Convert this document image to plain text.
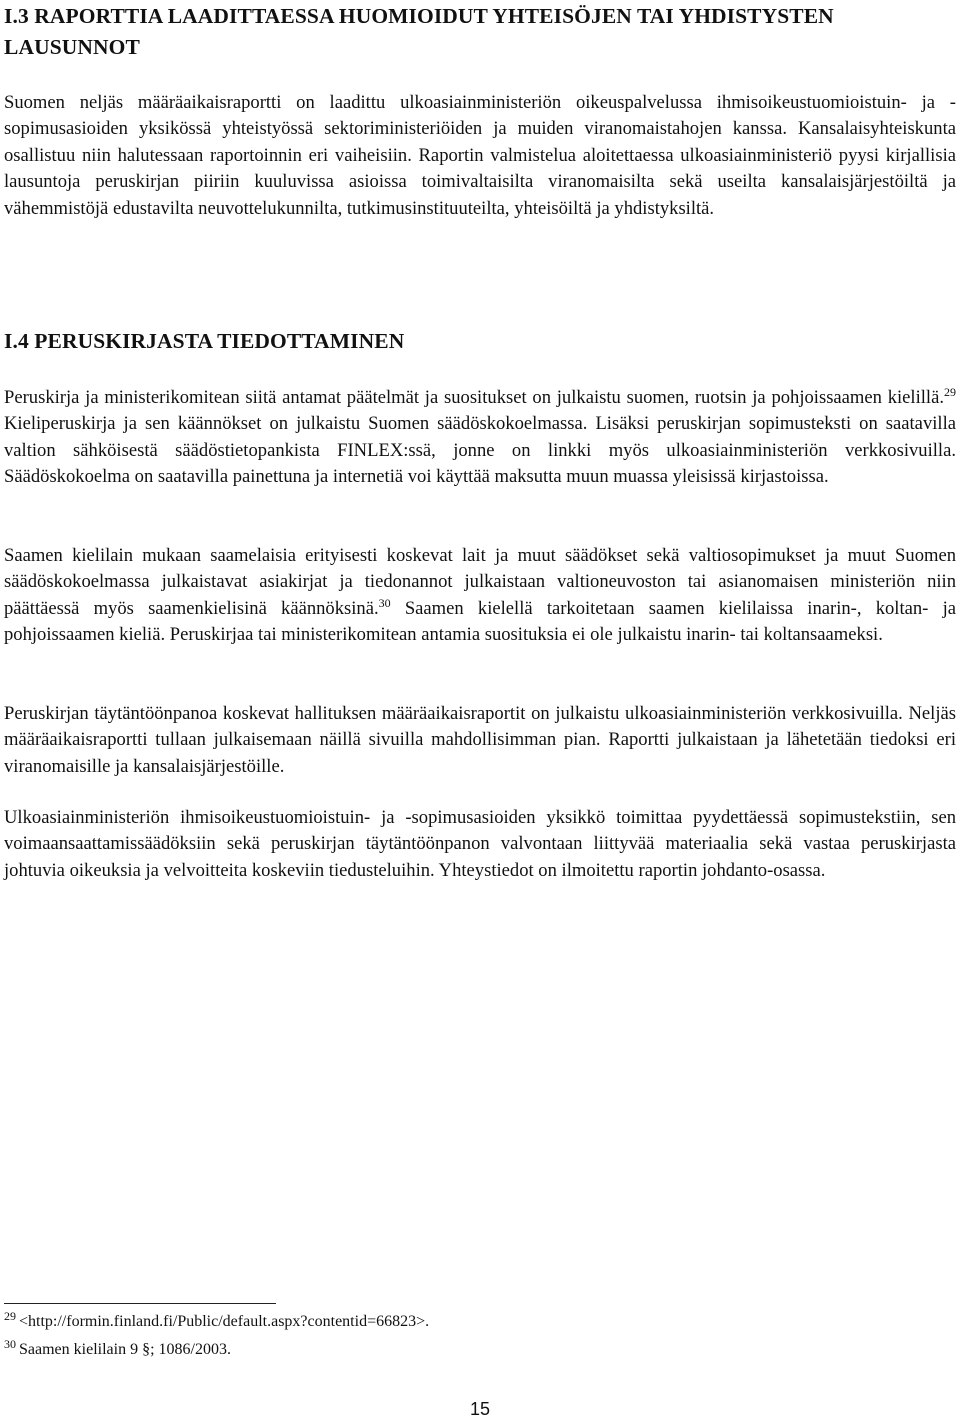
I.3 RAPORTTIA LAADITTAESSA HUOMIOIDUT YHTEISÖJEN TAI YHDISTYSTEN LAUSUNNOT

Suomen neljäs määräaikaisraportti on laadittu ulkoasiainministeriön oikeuspalvelussa ihmisoikeustuomioistuin- ja -sopimusasioiden yksikössä yhteistyössä sektoriministeriöiden ja muiden viranomaistahojen kanssa. Kansalaisyhteiskunta osallistuu niin halutessaan raportoinnin eri vaiheisiin. Raportin valmistelua aloitettaessa ulkoasiainministeriö pyysi kirjallisia lausuntoja peruskirjan piiriin kuuluvissa asioissa toimivaltaisilta viranomaisilta sekä useilta kansalaisjärjestöiltä ja vähemmistöjä edustavilta neuvottelukunnilta, tutkimusinstituuteilta, yhteisöiltä ja yhdistyksiltä.

I.4 PERUSKIRJASTA TIEDOTTAMINEN

Peruskirja ja ministerikomitean siitä antamat päätelmät ja suositukset on julkaistu suomen, ruotsin ja pohjoissaamen kielillä.$^{29}$ Kieliperuskirja ja sen käännökset on julkaistu Suomen säädöskokoelmassa. Lisäksi peruskirjan sopimusteksti on saatavilla valtion sähköisestä säädöstietopankista FINLEX:ssä, jonne on linkki myös ulkoasiainministeriön verkkosivuilla. Säädöskokoelma on saatavilla painettuna ja internetiä voi käyttää maksutta muun muassa yleisissä kirjastoissa.

Saamen kielilain mukaan saamelaisia erityisesti koskevat lait ja muut säädökset sekä valtiosopimukset ja muut Suomen säädöskokoelmassa julkaistavat asiakirjat ja tiedonannot julkaistaan valtioneuvoston tai asianomaisen ministeriön niin päättäessä myös saamenkielisinä käännöksinä.$^{30}$ Saamen kielellä tarkoitetaan saamen kielilaissa inarin-, koltan- ja pohjoissaamen kieliä. Peruskirjaa tai ministerikomitean antamia suosituksia ei ole julkaistu inarin- tai koltansaameksi.

Peruskirjan täytäntöönpanoa koskevat hallituksen määräaikaisraportit on julkaistu ulkoasiainministeriön verkkosivuilla. Neljäs määräaikaisraportti tullaan julkaisemaan näillä sivuilla mahdollisimman pian. Raportti julkaistaan ja lähetetään tiedoksi eri viranomaisille ja kansalaisjärjestöille.

Ulkoasiainministeriön ihmisoikeustuomioistuin- ja -sopimusasioiden yksikkö toimittaa pyydettäessä sopimustekstiin, sen voimaansaattamissäädöksiin sekä peruskirjan täytäntöönpanon valvontaan liittyvää materiaalia sekä vastaa peruskirjasta johtuvia oikeuksia ja velvoitteita koskeviin tiedusteluihin. Yhteystiedot on ilmoitettu raportin johdanto-osassa.

$^{29}$ <http://formin.finland.fi/Public/default.aspx?contentid=66823>.

$^{30}$ Saamen kielilain 9 §; 1086/2003.

15
